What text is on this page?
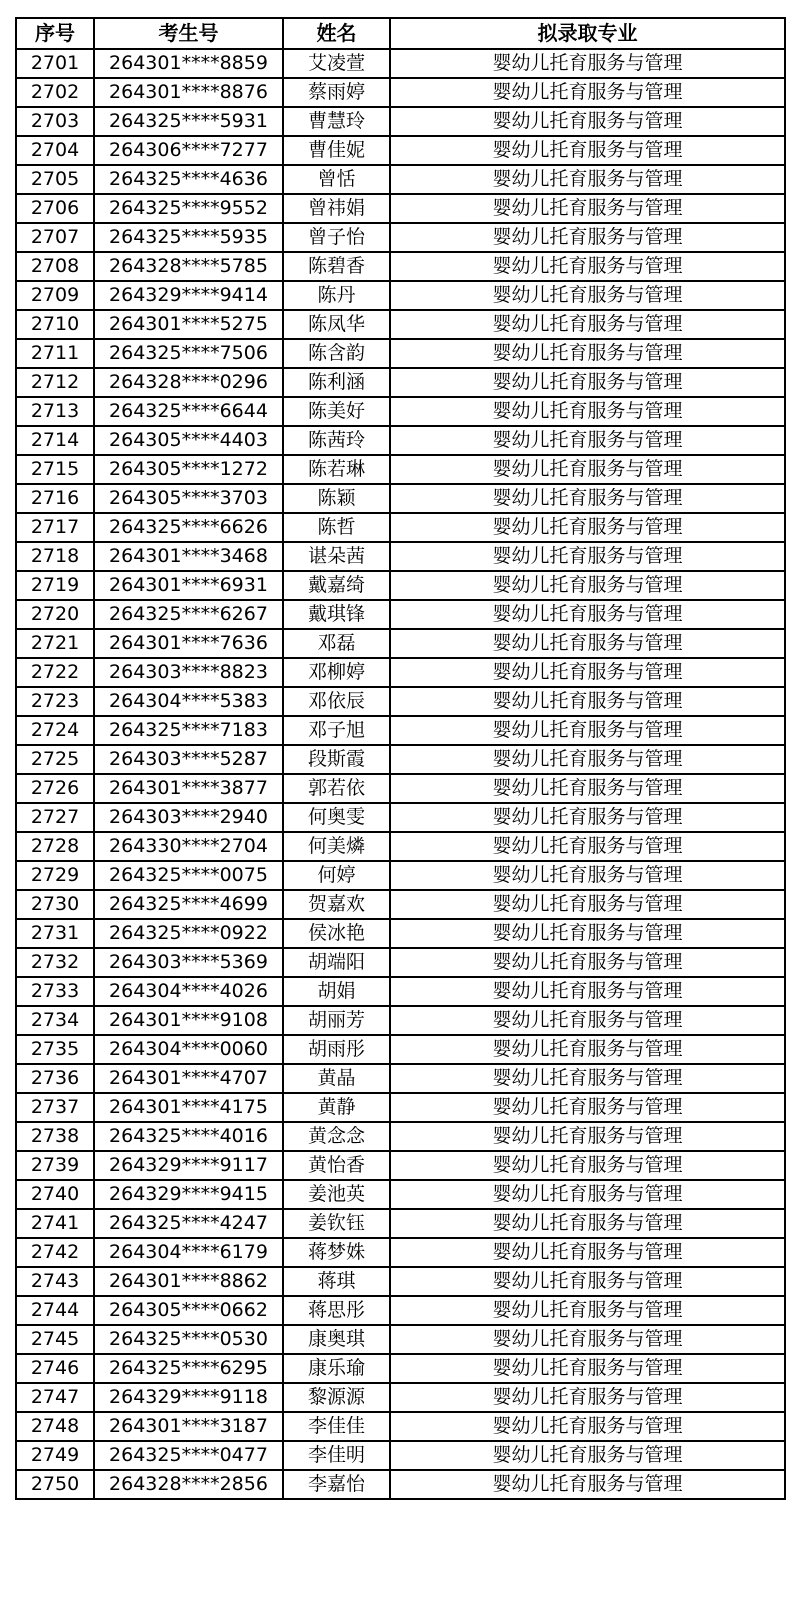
序号	考生号	姓名	拟录取专业
2701	264301****8859	艾凌萱	婴幼儿托育服务与管理
2702	264301****8876	蔡雨婷	婴幼儿托育服务与管理
2703	264325****5931	曹慧玲	婴幼儿托育服务与管理
2704	264306****7277	曹佳妮	婴幼儿托育服务与管理
2705	264325****4636	曾恬	婴幼儿托育服务与管理
2706	264325****9552	曾祎娟	婴幼儿托育服务与管理
2707	264325****5935	曾子怡	婴幼儿托育服务与管理
2708	264328****5785	陈碧香	婴幼儿托育服务与管理
2709	264329****9414	陈丹	婴幼儿托育服务与管理
2710	264301****5275	陈凤华	婴幼儿托育服务与管理
2711	264325****7506	陈含韵	婴幼儿托育服务与管理
2712	264328****0296	陈利涵	婴幼儿托育服务与管理
2713	264325****6644	陈美好	婴幼儿托育服务与管理
2714	264305****4403	陈茜玲	婴幼儿托育服务与管理
2715	264305****1272	陈若琳	婴幼儿托育服务与管理
2716	264305****3703	陈颖	婴幼儿托育服务与管理
2717	264325****6626	陈哲	婴幼儿托育服务与管理
2718	264301****3468	谌朵茜	婴幼儿托育服务与管理
2719	264301****6931	戴嘉绮	婴幼儿托育服务与管理
2720	264325****6267	戴琪锋	婴幼儿托育服务与管理
2721	264301****7636	邓磊	婴幼儿托育服务与管理
2722	264303****8823	邓柳婷	婴幼儿托育服务与管理
2723	264304****5383	邓依辰	婴幼儿托育服务与管理
2724	264325****7183	邓子旭	婴幼儿托育服务与管理
2725	264303****5287	段斯霞	婴幼儿托育服务与管理
2726	264301****3877	郭若依	婴幼儿托育服务与管理
2727	264303****2940	何奥雯	婴幼儿托育服务与管理
2728	264330****2704	何美燐	婴幼儿托育服务与管理
2729	264325****0075	何婷	婴幼儿托育服务与管理
2730	264325****4699	贺嘉欢	婴幼儿托育服务与管理
2731	264325****0922	侯冰艳	婴幼儿托育服务与管理
2732	264303****5369	胡端阳	婴幼儿托育服务与管理
2733	264304****4026	胡娟	婴幼儿托育服务与管理
2734	264301****9108	胡丽芳	婴幼儿托育服务与管理
2735	264304****0060	胡雨彤	婴幼儿托育服务与管理
2736	264301****4707	黄晶	婴幼儿托育服务与管理
2737	264301****4175	黄静	婴幼儿托育服务与管理
2738	264325****4016	黄念念	婴幼儿托育服务与管理
2739	264329****9117	黄怡香	婴幼儿托育服务与管理
2740	264329****9415	姜池英	婴幼儿托育服务与管理
2741	264325****4247	姜钦钰	婴幼儿托育服务与管理
2742	264304****6179	蒋梦姝	婴幼儿托育服务与管理
2743	264301****8862	蒋琪	婴幼儿托育服务与管理
2744	264305****0662	蒋思彤	婴幼儿托育服务与管理
2745	264325****0530	康奥琪	婴幼儿托育服务与管理
2746	264325****6295	康乐瑜	婴幼儿托育服务与管理
2747	264329****9118	黎源源	婴幼儿托育服务与管理
2748	264301****3187	李佳佳	婴幼儿托育服务与管理
2749	264325****0477	李佳明	婴幼儿托育服务与管理
2750	264328****2856	李嘉怡	婴幼儿托育服务与管理
